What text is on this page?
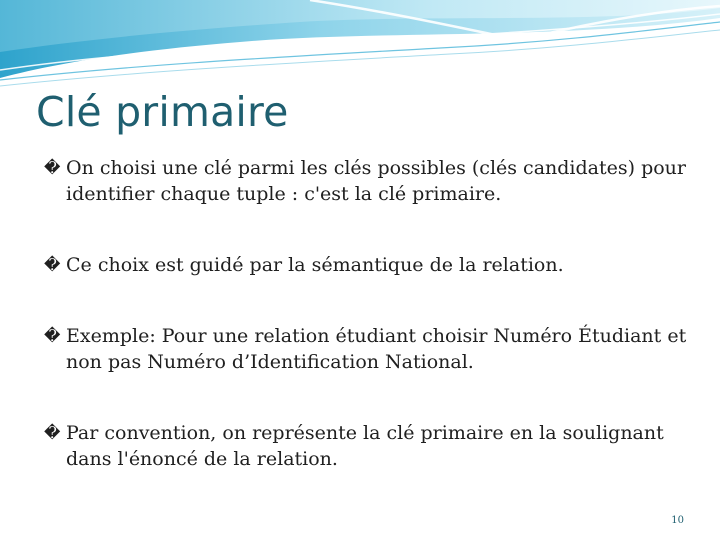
Clé primaire
� On choisi une clé parmi les clés possibles (clés candidates) pour identifier chaque tuple : c'est la clé primaire.
� Ce choix est guidé par la sémantique de la relation.
� Exemple: Pour une relation étudiant choisir Numéro Étudiant et non pas Numéro d’Identification National.
� Par convention, on représente la clé primaire en la soulignant dans l'énoncé de la relation.
10
